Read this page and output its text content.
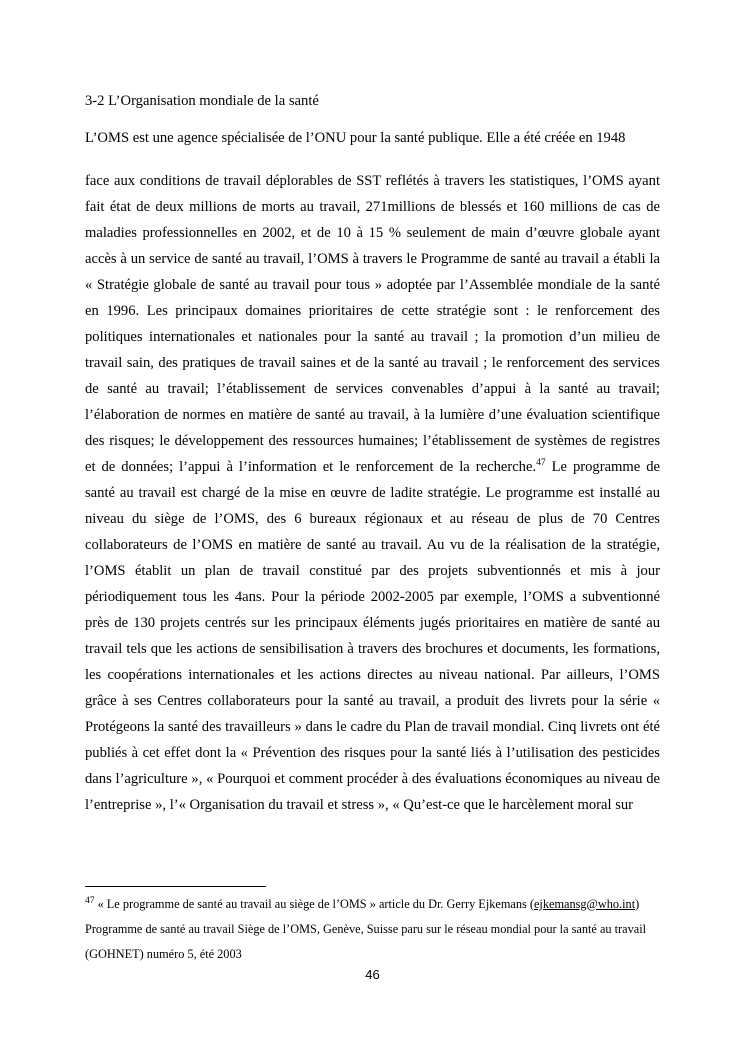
3-2 L’Organisation mondiale de la santé

L’OMS est une agence spécialisée de l’ONU pour la santé publique. Elle a été créée en 1948

face aux conditions de travail déplorables de SST reflétés à travers les statistiques, l’OMS ayant fait état de deux millions de morts au travail, 271millions de blessés et 160 millions de cas de maladies professionnelles en 2002, et de 10 à 15 % seulement de main d’œuvre globale ayant accès à un service de santé au travail, l’OMS à travers le Programme de santé au travail a établi la « Stratégie globale de santé au travail pour tous » adoptée par l’Assemblée mondiale de la santé en 1996. Les principaux domaines prioritaires de cette stratégie sont : le renforcement des politiques internationales et nationales pour la santé au travail ; la promotion d’un milieu de travail sain, des pratiques de travail saines et de la santé au travail ; le renforcement des services de santé au travail; l’établissement de services convenables d’appui à la santé au travail; l’élaboration de normes en matière de santé au travail, à la lumière d’une évaluation scientifique des risques; le développement des ressources humaines; l’établissement de systèmes de registres et de données; l’appui à l’information et le renforcement de la recherche.$^{47}$ Le programme de santé au travail est chargé de la mise en œuvre de ladite stratégie. Le programme est installé au niveau du siège de l’OMS, des 6 bureaux régionaux et au réseau de plus de 70 Centres collaborateurs de l’OMS en matière de santé au travail. Au vu de la réalisation de la stratégie, l’OMS établit un plan de travail constitué par des projets subventionnés et mis à jour périodiquement tous les 4ans. Pour la période 2002-2005 par exemple, l’OMS a subventionné près de 130 projets centrés sur les principaux éléments jugés prioritaires en matière de santé au travail tels que les actions de sensibilisation à travers des brochures et documents, les formations, les coopérations internationales et les actions directes au niveau national. Par ailleurs, l’OMS grâce à ses Centres collaborateurs pour la santé au travail, a produit des livrets pour la série « Protégeons la santé des travailleurs » dans le cadre du Plan de travail mondial. Cinq livrets ont été publiés à cet effet dont la « Prévention des risques pour la santé liés à l’utilisation des pesticides dans l’agriculture », « Pourquoi et comment procéder à des évaluations économiques au niveau de l’entreprise », l’« Organisation du travail et stress », « Qu’est-ce que le harcèlement moral sur

$^{47}$ « Le programme de santé au travail au siège de l’OMS » article du Dr. Gerry Ejkemans (ejkemansg@who.int) Programme de santé au travail Siège de l’OMS, Genève, Suisse paru sur le réseau mondial pour la santé au travail (GOHNET) numéro 5, été 2003

46
